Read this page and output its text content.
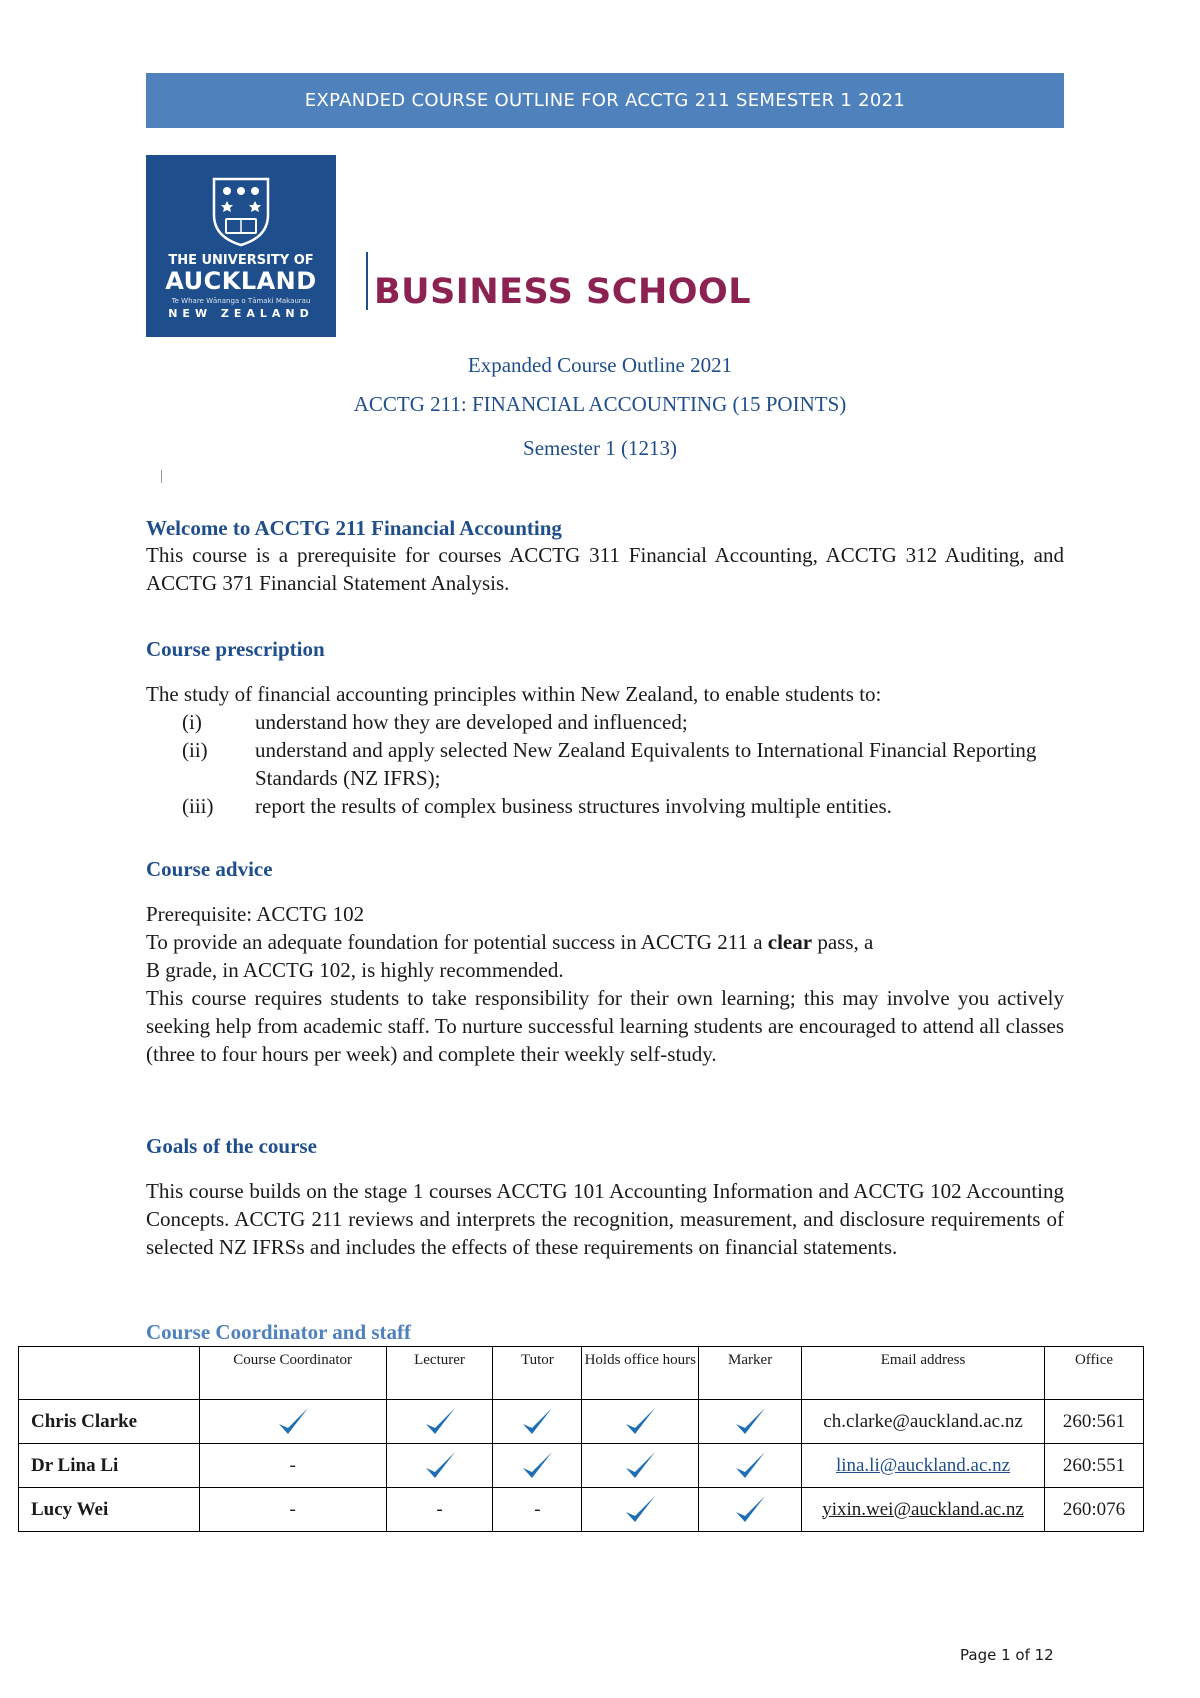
EXPANDED COURSE OUTLINE FOR ACCTG 211 SEMESTER 1 2021
THE UNIVERSITY OF
AUCKLAND
Te Whare Wānanga o Tāmaki Makaurau
NEW ZEALAND
BUSINESS SCHOOL
Expanded Course Outline 2021
ACCTG 211: FINANCIAL ACCOUNTING (15 POINTS)
Semester 1 (1213)
Welcome to ACCTG 211 Financial Accounting

This course is a prerequisite for courses ACCTG 311 Financial Accounting, ACCTG 312 Auditing, and ACCTG 371 Financial Statement Analysis.

Course prescription

The study of financial accounting principles within New Zealand, to enable students to:

(i)	understand how they are developed and influenced;
(ii)	understand and apply selected New Zealand Equivalents to International Financial Reporting Standards (NZ IFRS);
(iii)	report the results of complex business structures involving multiple entities.
Course advice

Prerequisite: ACCTG 102

To provide an adequate foundation for potential success in ACCTG 211 a clear pass, a

B grade, in ACCTG 102, is highly recommended.

This course requires students to take responsibility for their own learning; this may involve you actively seeking help from academic staff. To nurture successful learning students are encouraged to attend all classes (three to four hours per week) and complete their weekly self-study.

Goals of the course

This course builds on the stage 1 courses ACCTG 101 Accounting Information and ACCTG 102 Accounting Concepts. ACCTG 211 reviews and interprets the recognition, measurement, and disclosure requirements of selected NZ IFRSs and includes the effects of these requirements on financial statements.

Course Coordinator and staff
	Course Coordinator	Lecturer	Tutor	Holds office hours	Marker	Email address	Office
Chris Clarke						ch.clarke@auckland.ac.nz	260:561
Dr Lina Li	-					lina.li@auckland.ac.nz	260:551
Lucy Wei	-	-	-			yixin.wei@auckland.ac.nz	260:076
Page 1 of 12
